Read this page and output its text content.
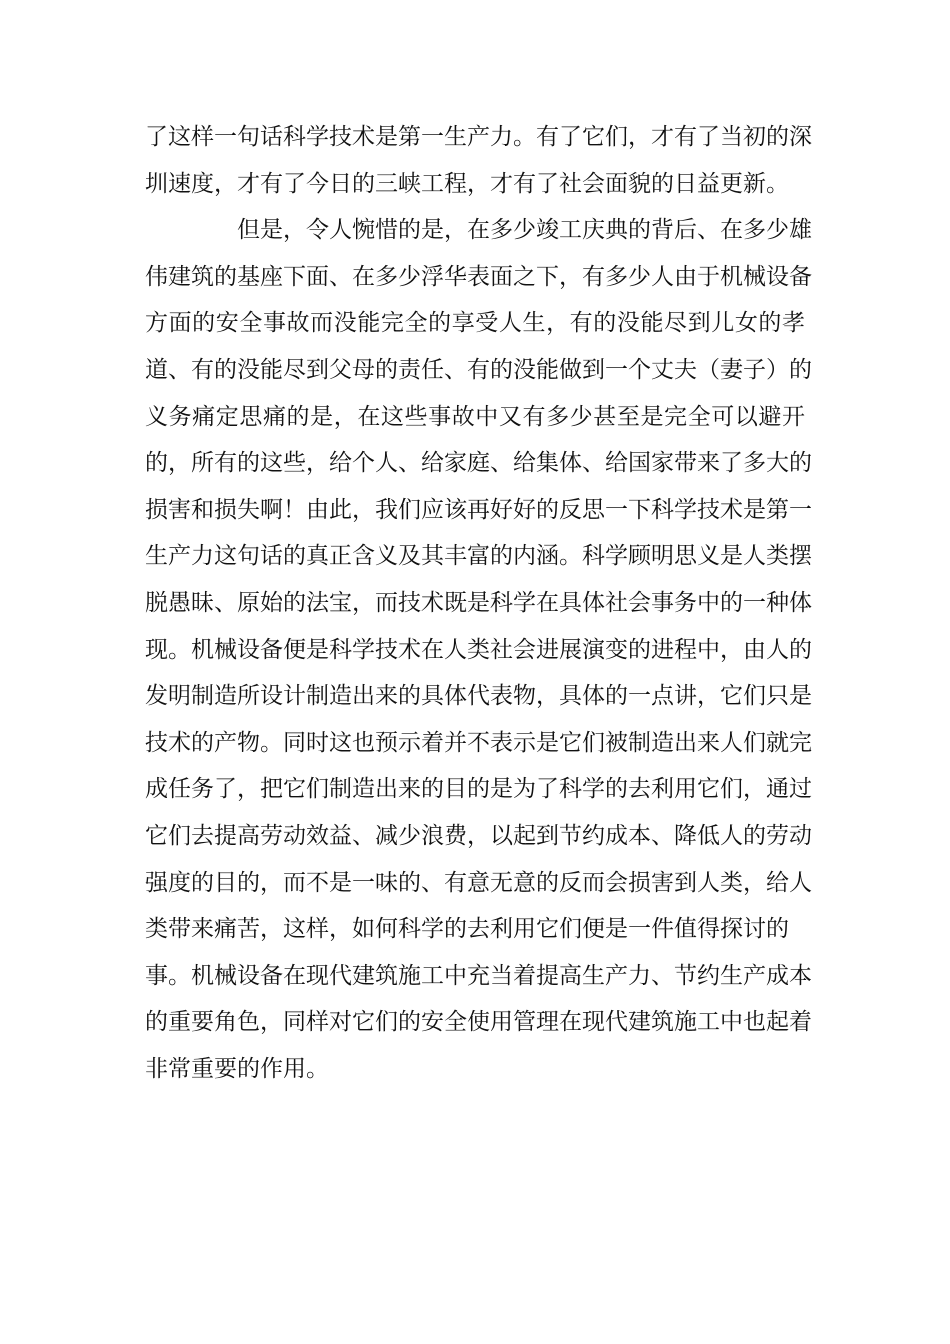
了这样一句话科学技术是第一生产力。有了它们，才有了当初的深
圳速度，才有了今日的三峡工程，才有了社会面貌的日益更新。
但是，令人惋惜的是，在多少竣工庆典的背后、在多少雄
伟建筑的基座下面、在多少浮华表面之下，有多少人由于机械设备
方面的安全事故而没能完全的享受人生，有的没能尽到儿女的孝
道、有的没能尽到父母的责任、有的没能做到一个丈夫（妻子）的
义务痛定思痛的是，在这些事故中又有多少甚至是完全可以避开
的，所有的这些，给个人、给家庭、给集体、给国家带来了多大的
损害和损失啊！由此，我们应该再好好的反思一下科学技术是第一
生产力这句话的真正含义及其丰富的内涵。科学顾明思义是人类摆
脱愚昧、原始的法宝，而技术既是科学在具体社会事务中的一种体
现。机械设备便是科学技术在人类社会进展演变的进程中，由人的
发明制造所设计制造出来的具体代表物，具体的一点讲，它们只是
技术的产物。同时这也预示着并不表示是它们被制造出来人们就完
成任务了，把它们制造出来的目的是为了科学的去利用它们，通过
它们去提高劳动效益、减少浪费，以起到节约成本、降低人的劳动
强度的目的，而不是一味的、有意无意的反而会损害到人类，给人
类带来痛苦，这样，如何科学的去利用它们便是一件值得探讨的
事。机械设备在现代建筑施工中充当着提高生产力、节约生产成本
的重要角色，同样对它们的安全使用管理在现代建筑施工中也起着
非常重要的作用。
